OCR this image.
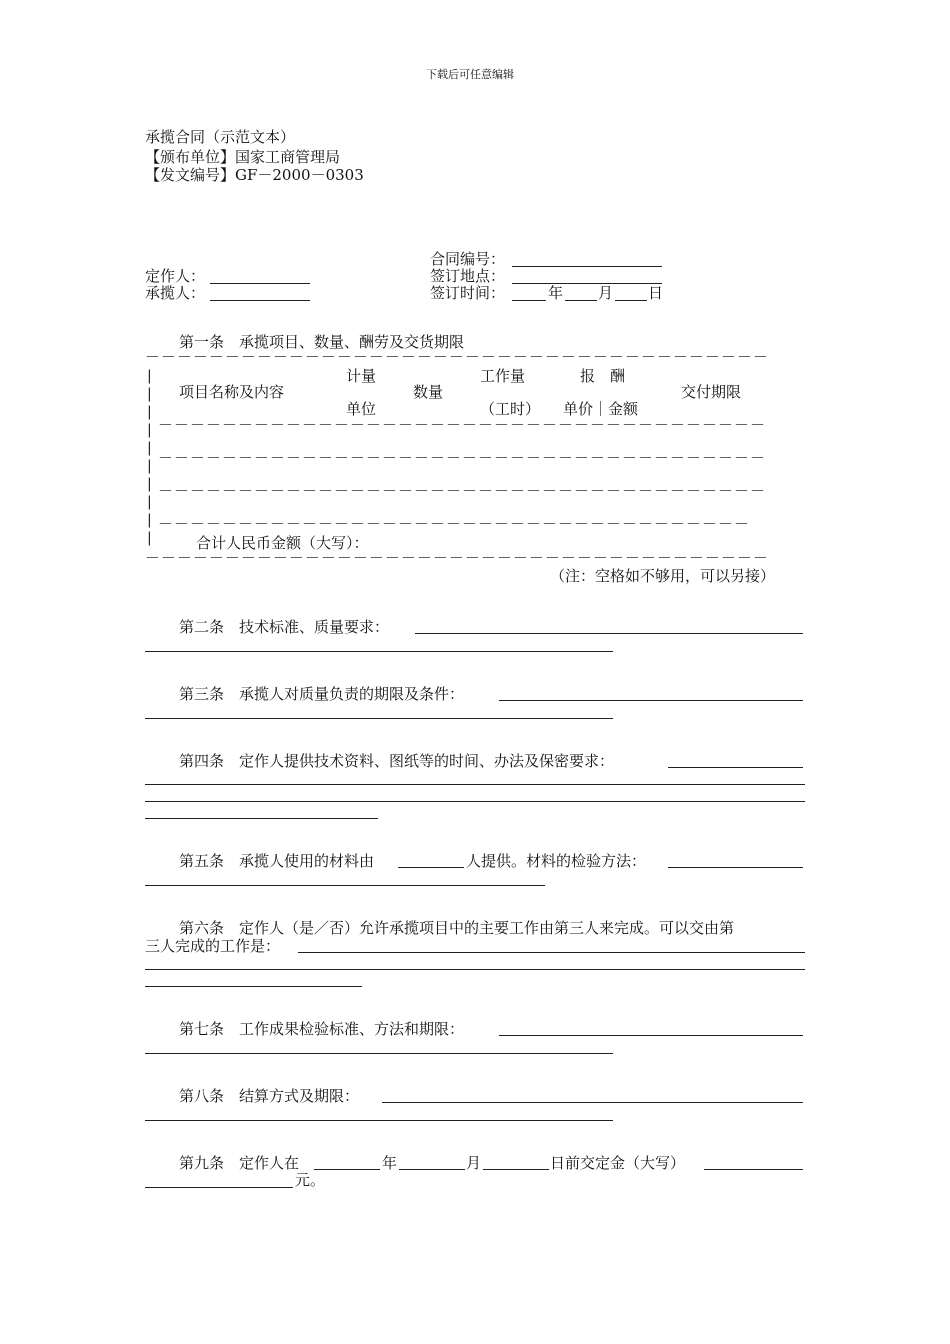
下载后可任意编辑
承揽合同（示范文本）
【颁布单位】国家工商管理局
【发文编号】GF－2000－0303
合同编号：
定作人：	签订地点：
承揽人：	签订时间：	年 月 日
第一条　承揽项目、数量、酬劳及交货期限
－－－－－－－－－－－－－－－－－－－－－－－－－－－－－－－－－－－－－－－
|
|
|
|
|
|
|
|
|
|
计量	工作量	报　酬
项目名称及内容	数量	交付期限
单位	（工时） 单价｜金额
－－－－－－－－－－－－－－－－－－－－－－－－－－－－－－－－－－－－－－
－－－－－－－－－－－－－－－－－－－－－－－－－－－－－－－－－－－－－－
－－－－－－－－－－－－－－－－－－－－－－－－－－－－－－－－－－－－－－
－－－－－－－－－－－－－－－－－－－－－－－－－－－－－－－－－－－－－
合计人民币金额（大写）：
－－－－－－－－－－－－－－－－－－－－－－－－－－－－－－－－－－－－－－－
（注：空格如不够用，可以另接）
第二条　技术标准、质量要求：
第三条　承揽人对质量负责的期限及条件：
第四条　定作人提供技术资料、图纸等的时间、办法及保密要求：
第五条　承揽人使用的材料由	人提供。材料的检验方法：
第六条　定作人（是／否）允许承揽项目中的主要工作由第三人来完成。可以交由第
三人完成的工作是：
第七条　工作成果检验标准、方法和期限：
第八条　结算方式及期限：
第九条　定作人在	年	月	日前交定金（大写）
元。
